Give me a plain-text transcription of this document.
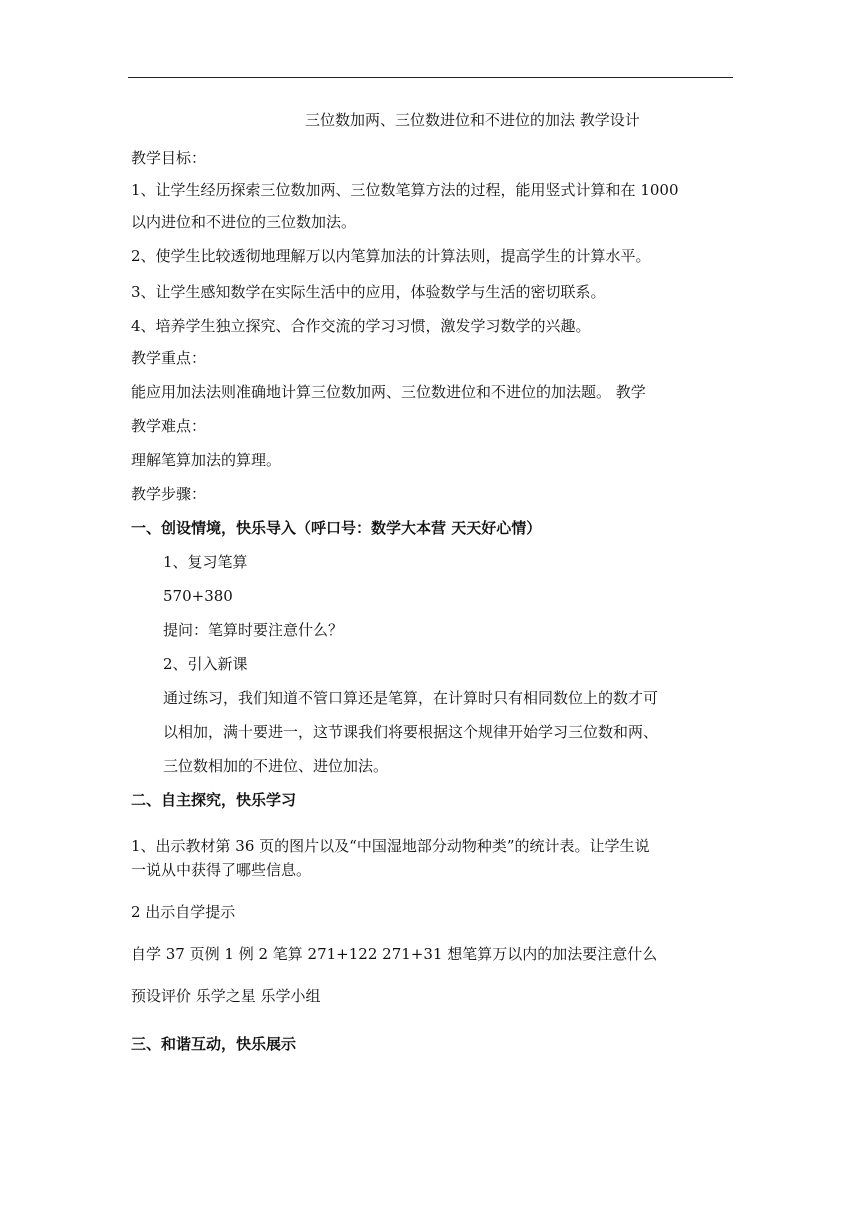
三位数加两、三位数进位和不进位的加法 教学设计
教学目标：
1、让学生经历探索三位数加两、三位数笔算方法的过程，能用竖式计算和在 1000
以内进位和不进位的三位数加法。
2、使学生比较透彻地理解万以内笔算加法的计算法则，提高学生的计算水平。
3、让学生感知数学在实际生活中的应用，体验数学与生活的密切联系。
4、培养学生独立探究、合作交流的学习习惯，激发学习数学的兴趣。
教学重点：
能应用加法法则准确地计算三位数加两、三位数进位和不进位的加法题。 教学
教学难点：
理解笔算加法的算理。
教学步骤：
一、创设情境，快乐导入（呼口号：数学大本营 天天好心情）
1、复习笔算
570+380
提问：笔算时要注意什么？
2、引入新课
通过练习，我们知道不管口算还是笔算，在计算时只有相同数位上的数才可
以相加，满十要进一，这节课我们将要根据这个规律开始学习三位数和两、
三位数相加的不进位、进位加法。
二、自主探究，快乐学习
1、出示教材第 36 页的图片以及“中国湿地部分动物种类”的统计表。让学生说
一说从中获得了哪些信息。
2 出示自学提示
自学 37 页例 1 例 2 笔算 271+122 271+31 想笔算万以内的加法要注意什么
预设评价 乐学之星 乐学小组
三、和谐互动，快乐展示
